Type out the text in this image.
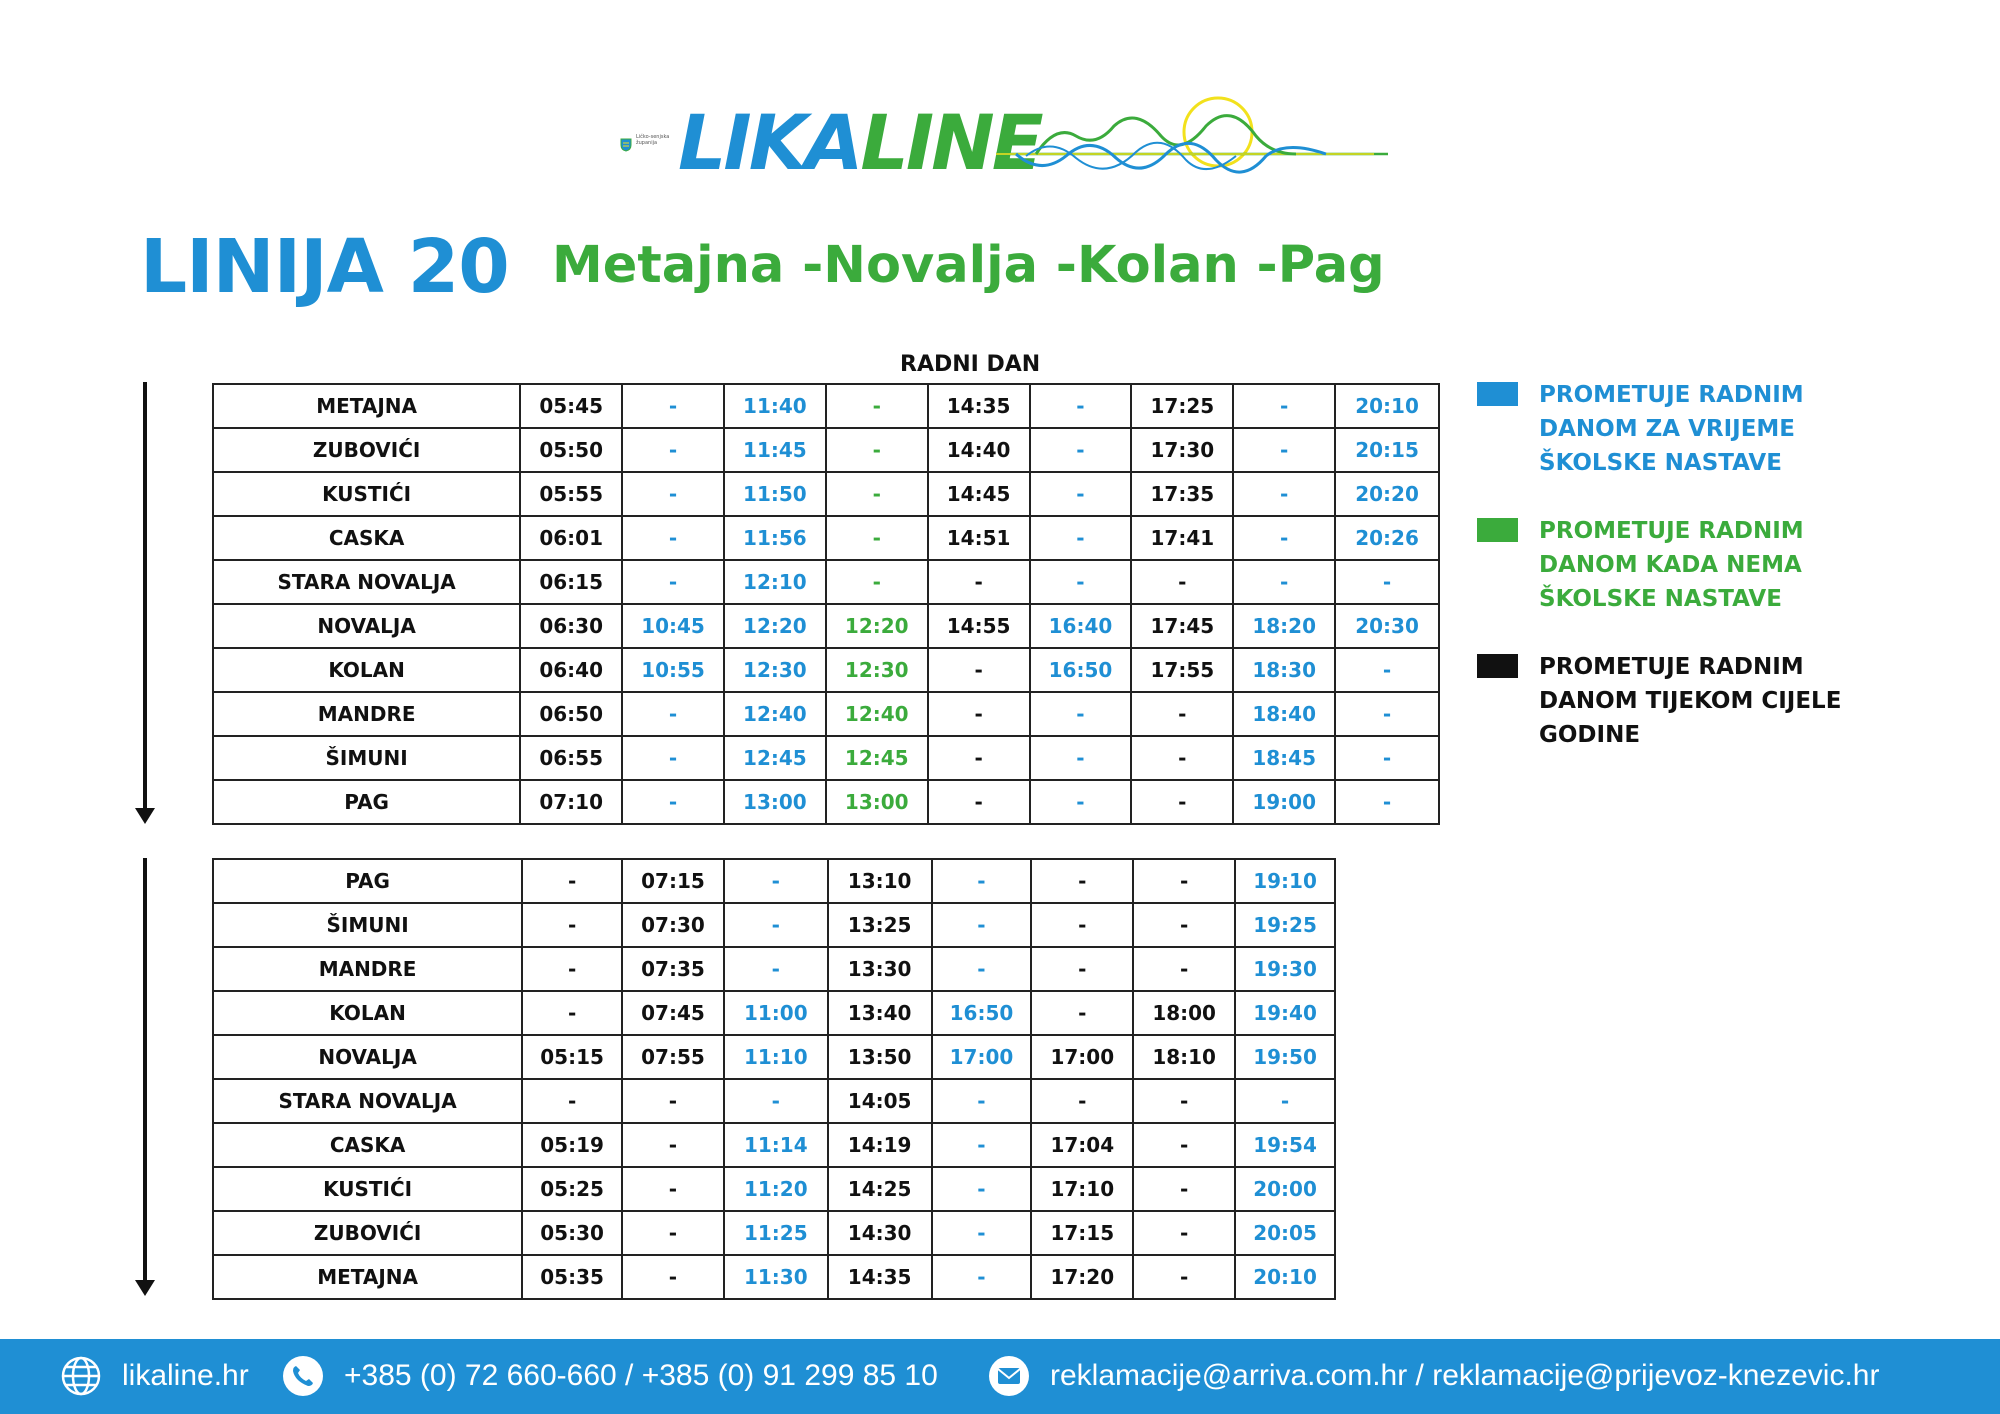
Ličko-senjska županija LIKALINE
LINIJA 20 Metajna -Novalja -Kolan -Pag
RADNI DAN
METAJNA	05:45	-	11:40	-	14:35	-	17:25	-	20:10
ZUBOVIĆI	05:50	-	11:45	-	14:40	-	17:30	-	20:15
KUSTIĆI	05:55	-	11:50	-	14:45	-	17:35	-	20:20
CASKA	06:01	-	11:56	-	14:51	-	17:41	-	20:26
STARA NOVALJA	06:15	-	12:10	-	-	-	-	-	-
NOVALJA	06:30	10:45	12:20	12:20	14:55	16:40	17:45	18:20	20:30
KOLAN	06:40	10:55	12:30	12:30	-	16:50	17:55	18:30	-
MANDRE	06:50	-	12:40	12:40	-	-	-	18:40	-
ŠIMUNI	06:55	-	12:45	12:45	-	-	-	18:45	-
PAG	07:10	-	13:00	13:00	-	-	-	19:00	-
PAG	-	07:15	-	13:10	-	-	-	19:10
ŠIMUNI	-	07:30	-	13:25	-	-	-	19:25
MANDRE	-	07:35	-	13:30	-	-	-	19:30
KOLAN	-	07:45	11:00	13:40	16:50	-	18:00	19:40
NOVALJA	05:15	07:55	11:10	13:50	17:00	17:00	18:10	19:50
STARA NOVALJA	-	-	-	14:05	-	-	-	-
CASKA	05:19	-	11:14	14:19	-	17:04	-	19:54
KUSTIĆI	05:25	-	11:20	14:25	-	17:10	-	20:00
ZUBOVIĆI	05:30	-	11:25	14:30	-	17:15	-	20:05
METAJNA	05:35	-	11:30	14:35	-	17:20	-	20:10
PROMETUJE RADNIM DANOM ZA VRIJEME ŠKOLSKE NASTAVE
PROMETUJE RADNIM DANOM KADA NEMA ŠKOLSKE NASTAVE
PROMETUJE RADNIM DANOM TIJEKOM CIJELE GODINE
likaline.hr	+385 (0) 72 660-660 / +385 (0) 91 299 85 10	reklamacije@arriva.com.hr / reklamacije@prijevoz-knezevic.hr
